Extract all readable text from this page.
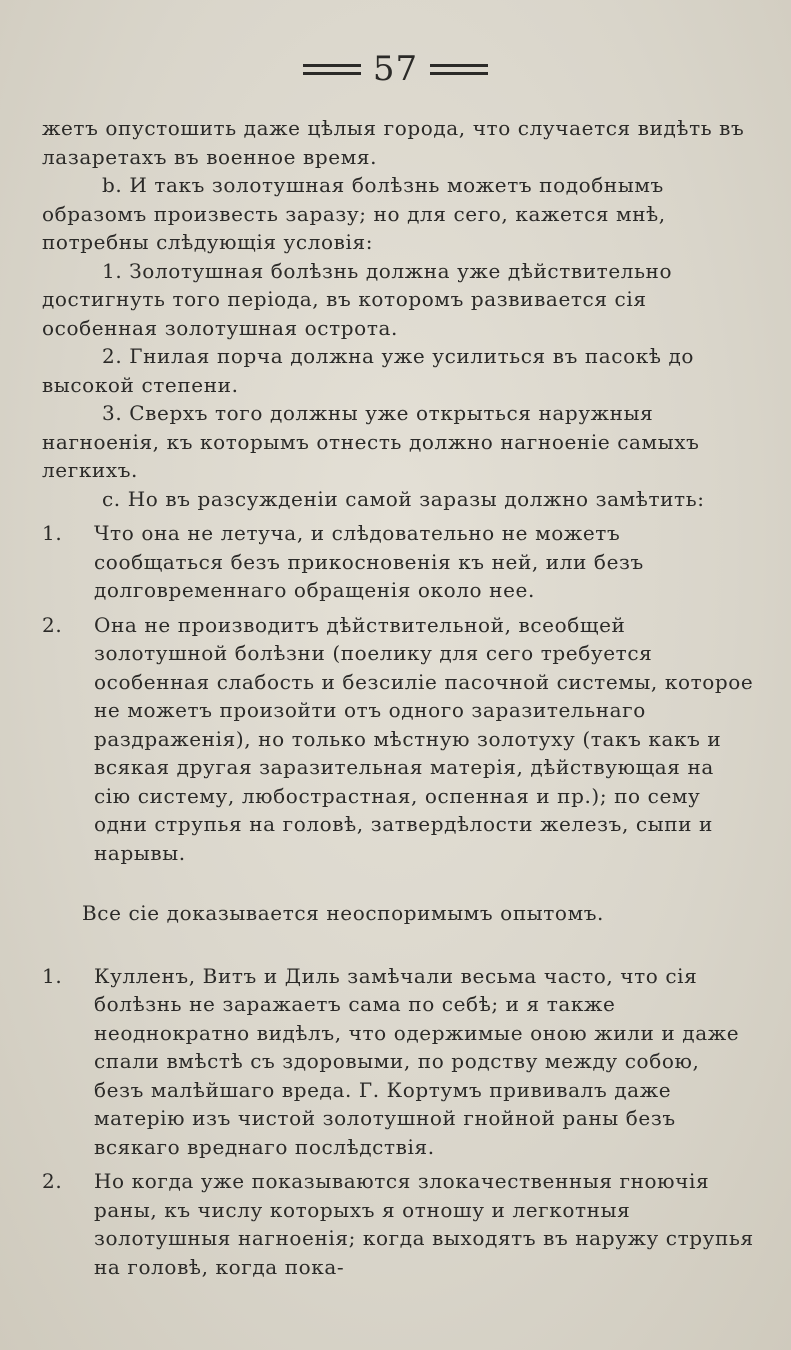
57

жетъ опустошить даже цѣлыя города, что случается видѣть въ лазаретахъ въ военное время.

b. И такъ золотушная болѣзнь можетъ подобнымъ образомъ произвесть заразу; но для сего, кажется мнѣ, потребны слѣдующія условія:

1. Золотушная болѣзнь должна уже дѣйствительно достигнуть того періода, въ которомъ развивается сія особенная золотушная острота.

2. Гнилая порча должна уже усилиться въ пасокѣ до высокой степени.

3. Сверхъ того должны уже открыться наружныя нагноенія, къ которымъ отнесть должно нагноеніе самыхъ легкихъ.

c. Но въ разсужденіи самой заразы должно замѣтить:

1.	Что она не летуча, и слѣдовательно не можетъ сообщаться безъ прикосновенія къ ней, или безъ долговременнаго обращенія около нее.
2.	Она не производитъ дѣйствительной, всеобщей золотушной болѣзни (поелику для сего требуется особенная слабость и безсиліе пасочной системы, которое не можетъ произойти отъ одного заразительнаго раздраженія), но только мѣстную золотуху (такъ какъ и всякая другая заразительная матерія, дѣйствующая на сію систему, любострастная, оспенная и пр.); по сему одни струпья на головѣ, затвердѣлости железъ, сыпи и нарывы.

Все сіе доказывается неоспоримымъ опытомъ.

1.	Кулленъ, Витъ и Диль замѣчали весьма часто, что сія болѣзнь не заражаетъ сама по себѣ; и я также неоднократно видѣлъ, что одержимые оною жили и даже спали вмѣстѣ съ здоровыми, по родству между собою, безъ малѣйшаго вреда. Г. Кортумъ прививалъ даже матерію изъ чистой золотушной гнойной раны безъ всякаго вреднаго послѣдствія.
2.	Но когда уже показываются злокачественныя гноючія раны, къ числу которыхъ я отношу и легкотныя золотушныя нагноенія; когда выходятъ въ наружу струпья на головѣ, когда пока-
